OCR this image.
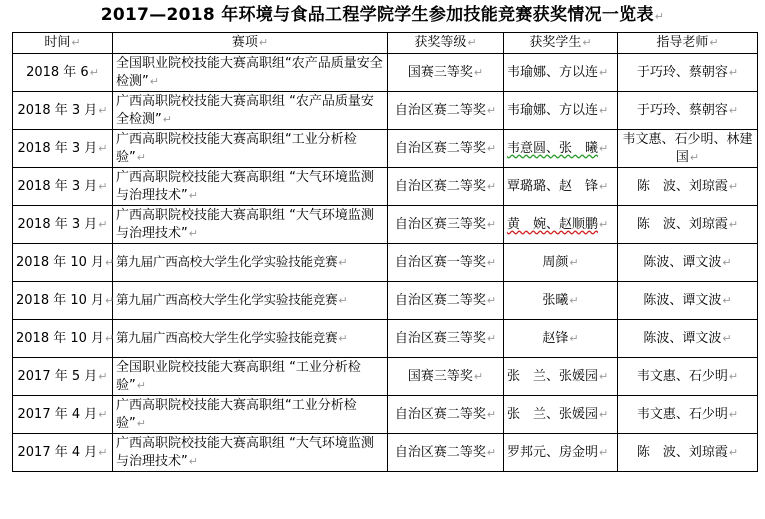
2017—2018 年环境与食品工程学院学生参加技能竞赛获奖情况一览表↵
时间↵	赛项↵	获奖等级↵	获奖学生↵	指导老师↵
2018 年 6↵	全国职业院校技能大赛高职组“农产品质量安全检测”↵	国赛三等奖↵	韦瑜娜、方以连↵	于巧玲、蔡朝容↵
2018 年 3 月↵	广西高职院校技能大赛高职组 “农产品质量安全检测”↵	自治区赛二等奖↵	韦瑜娜、方以连↵	于巧玲、蔡朝容↵
2018 年 3 月↵	广西高职院校技能大赛高职组“工业分析检验”↵	自治区赛二等奖↵	韦意圆、张　曦↵	韦文惠、石少明、林建国↵
2018 年 3 月↵	广西高职院校技能大赛高职组 “大气环境监测与治理技术”↵	自治区赛二等奖↵	覃璐璐、赵　锋↵	陈　波、刘琼霞↵
2018 年 3 月↵	广西高职院校技能大赛高职组 “大气环境监测与治理技术”↵	自治区赛三等奖↵	黄　婉、赵顺鹏↵	陈　波、刘琼霞↵
2018 年 10 月↵	第九届广西高校大学生化学实验技能竞赛↵	自治区赛一等奖↵	周颜↵	陈波、谭文波↵
2018 年 10 月↵	第九届广西高校大学生化学实验技能竞赛↵	自治区赛二等奖↵	张曦↵	陈波、谭文波↵
2018 年 10 月↵	第九届广西高校大学生化学实验技能竞赛↵	自治区赛三等奖↵	赵锋↵	陈波、谭文波↵
2017 年 5 月↵	全国职业院校技能大赛高职组 “工业分析检验”↵	国赛三等奖↵	张　兰、张媛园↵	韦文惠、石少明↵
2017 年 4 月↵	广西高职院校技能大赛高职组“工业分析检验”↵	自治区赛二等奖↵	张　兰、张媛园↵	韦文惠、石少明↵
2017 年 4 月↵	广西高职院校技能大赛高职组 “大气环境监测与治理技术”↵	自治区赛二等奖↵	罗邦元、房金明↵	陈　波、刘琼霞↵
